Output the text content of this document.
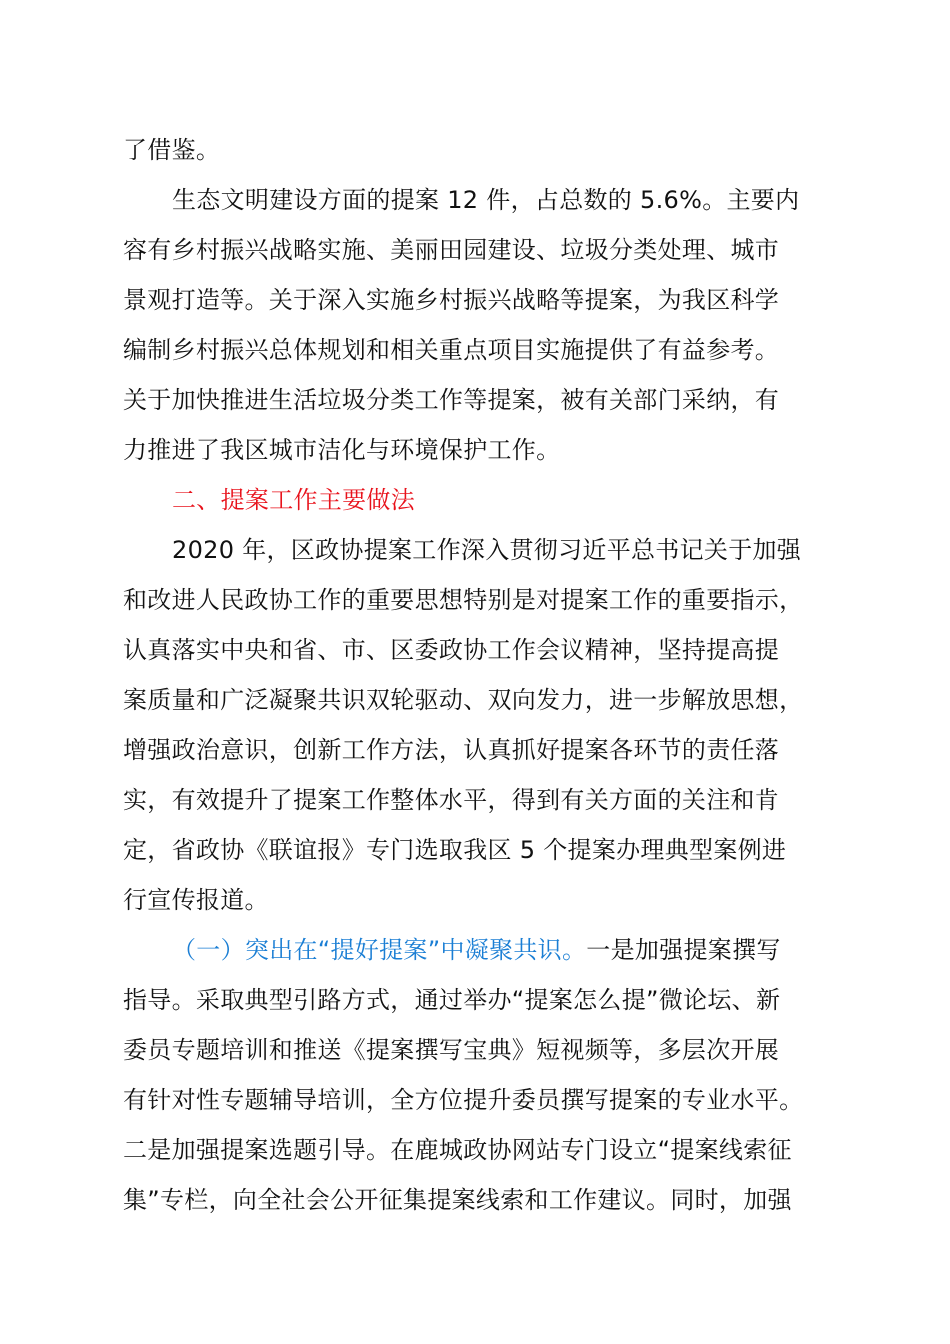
了借鉴。
生态文明建设方面的提案 12 件，占总数的 5.6%。主要内
容有乡村振兴战略实施、美丽田园建设、垃圾分类处理、城市
景观打造等。关于深入实施乡村振兴战略等提案，为我区科学
编制乡村振兴总体规划和相关重点项目实施提供了有益参考。
关于加快推进生活垃圾分类工作等提案，被有关部门采纳，有
力推进了我区城市洁化与环境保护工作。
二、提案工作主要做法
2020 年，区政协提案工作深入贯彻习近平总书记关于加强
和改进人民政协工作的重要思想特别是对提案工作的重要指示，
认真落实中央和省、市、区委政协工作会议精神，坚持提高提
案质量和广泛凝聚共识双轮驱动、双向发力，进一步解放思想，
增强政治意识，创新工作方法，认真抓好提案各环节的责任落
实，有效提升了提案工作整体水平，得到有关方面的关注和肯
定，省政协《联谊报》专门选取我区 5 个提案办理典型案例进
行宣传报道。
（一）突出在“提好提案”中凝聚共识。一是加强提案撰写
指导。采取典型引路方式，通过举办“提案怎么提”微论坛、新
委员专题培训和推送《提案撰写宝典》短视频等，多层次开展
有针对性专题辅导培训，全方位提升委员撰写提案的专业水平。
二是加强提案选题引导。在鹿城政协网站专门设立“提案线索征
集”专栏，向全社会公开征集提案线索和工作建议。同时，加强
